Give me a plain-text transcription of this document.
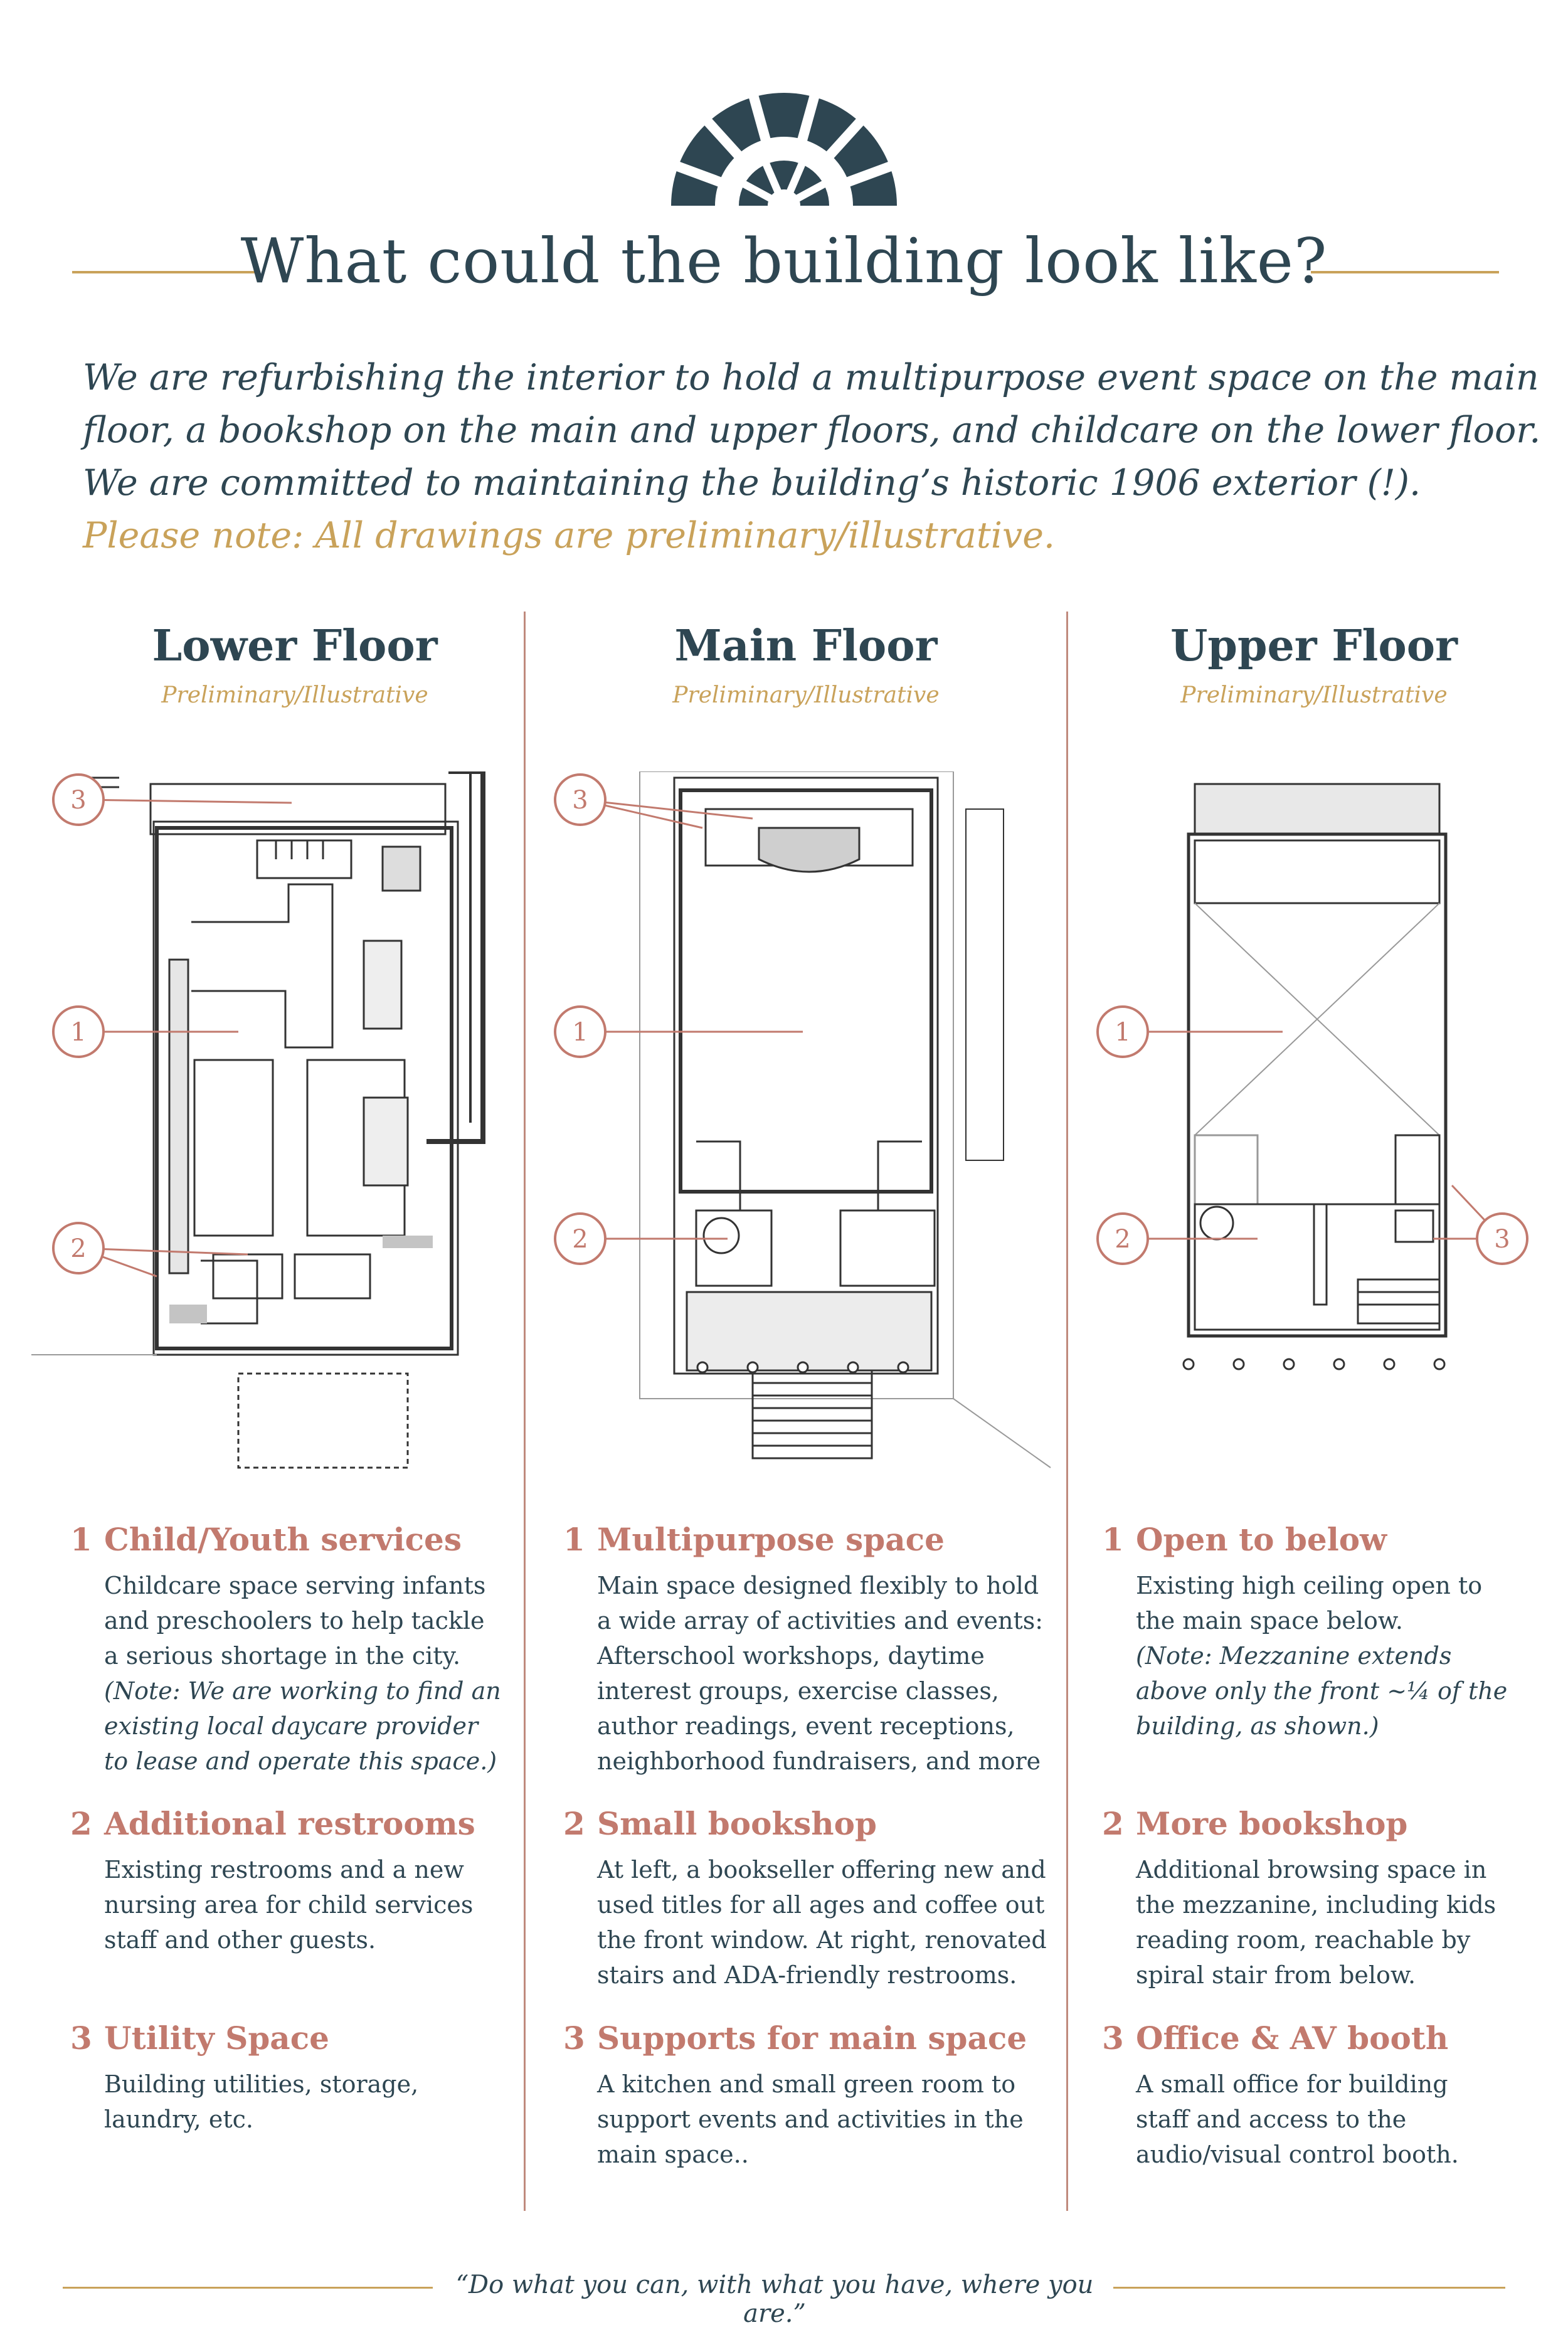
What could the building look like?
We are refurbishing the interior to hold a multipurpose event space on the main
floor, a bookshop on the main and upper floors, and childcare on the lower floor.
We are committed to maintaining the building’s historic 1906 exterior (!).
Please note: All drawings are preliminary/illustrative.
Lower Floor
Preliminary/Illustrative
Main Floor
Preliminary/Illustrative
Upper Floor
Preliminary/Illustrative
3
1
2
3
1
2
1
2	3
1 Child/Youth services
Childcare space serving infants
and preschoolers to help tackle
a serious shortage in the city.
(Note: We are working to find an
existing local daycare provider
to lease and operate this space.)
2 Additional restrooms
Existing restrooms and a new
nursing area for child services
staff and other guests.
3 Utility Space
Building utilities, storage,
laundry, etc.
1 Multipurpose space
Main space designed flexibly to hold
a wide array of activities and events:
Afterschool workshops, daytime
interest groups, exercise classes,
author readings, event receptions,
neighborhood fundraisers, and more
2 Small bookshop
At left, a bookseller offering new and
used titles for all ages and coffee out
the front window. At right, renovated
stairs and ADA-friendly restrooms.
3 Supports for main space
A kitchen and small green room to
support events and activities in the
main space..
1 Open to below
Existing high ceiling open to
the main space below.
(Note: Mezzanine extends
above only the front ~¼ of the
building, as shown.)
2 More bookshop
Additional browsing space in
the mezzanine, including kids
reading room, reachable by
spiral stair from below.
3 Office & AV booth
A small office for building
staff and access to the
audio/visual control booth.
“Do what you can, with what you have, where you are.”
